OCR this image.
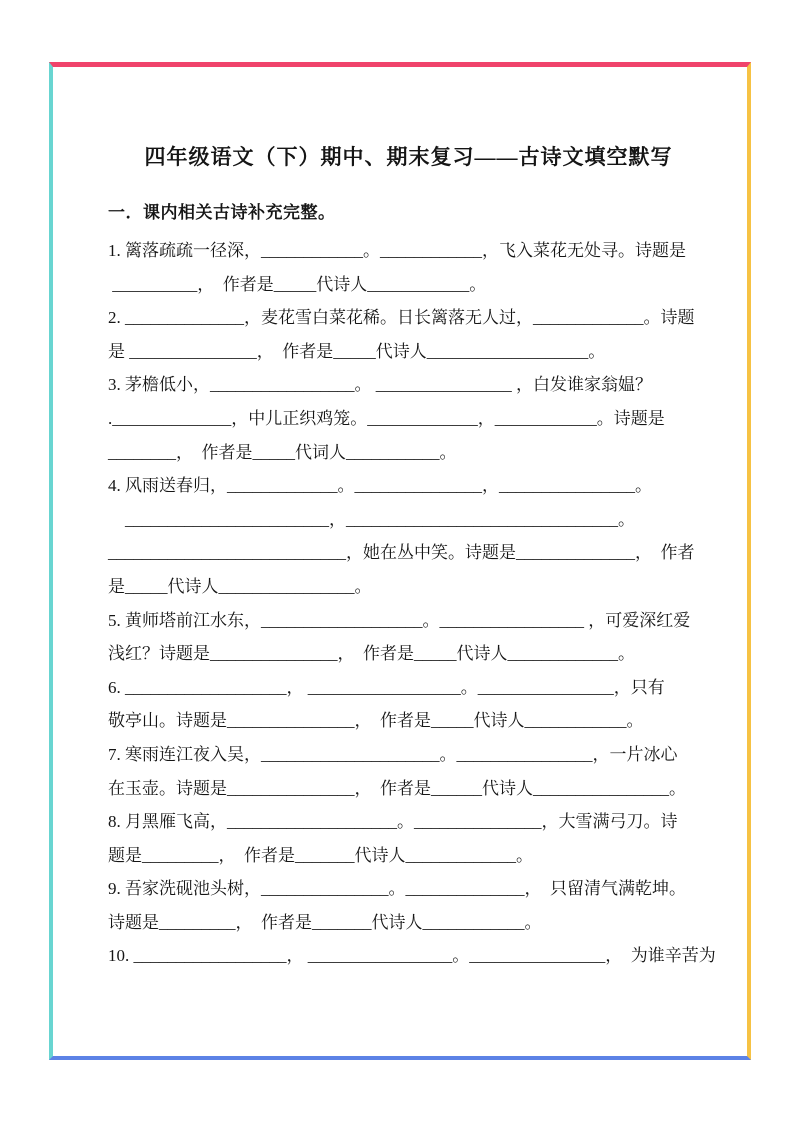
四年级语文（下）期中、期末复习——古诗文填空默写
一．课内相关古诗补充完整。
1. 篱落疏疏一径深，____________。____________，飞入菜花无处寻。诗题是
__________，  作者是_____代诗人____________。
2. ______________，麦花雪白菜花稀。日长篱落无人过，_____________。诗题
是 _______________，  作者是_____代诗人___________________。
3. 茅檐低小，_________________。 ________________ ，白发谁家翁媪？
.______________，中儿正织鸡笼。_____________，____________。诗题是
________，  作者是_____代词人___________。
4. 风雨送春归，_____________。_______________，________________。
　________________________，________________________________。
____________________________，她在丛中笑。诗题是______________，  作者
是_____代诗人________________。
5. 黄师塔前江水东，___________________。_________________ ，可爱深红爱
浅红？诗题是_______________，  作者是_____代诗人_____________。
6. ___________________， __________________。________________，只有
敬亭山。诗题是_______________，  作者是_____代诗人____________。
7. 寒雨连江夜入吴，_____________________。________________，一片冰心
在玉壶。诗题是_______________，  作者是______代诗人________________。
8. 月黑雁飞高，____________________。_______________，大雪满弓刀。诗
题是_________，  作者是_______代诗人_____________。
9. 吾家洗砚池头树，_______________。______________，  只留清气满乾坤。
诗题是_________，  作者是_______代诗人____________。
10. __________________， _________________。________________，  为谁辛苦为
